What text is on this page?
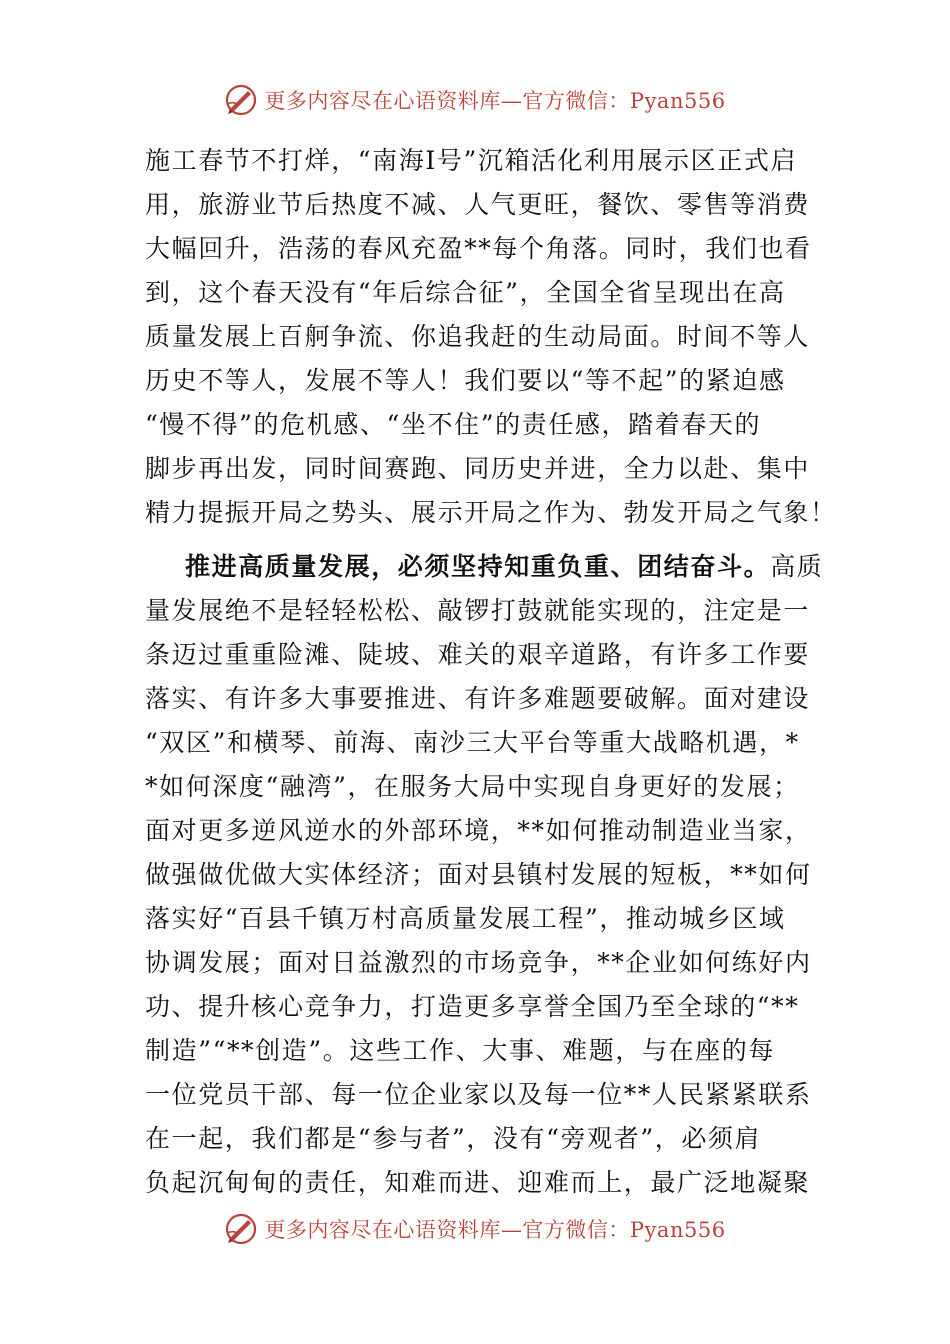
更多内容尽在心语资料库—官方微信：Pyan556

施工春节不打烊，“南海Ⅰ号”沉箱活化利用展示区正式启
用，旅游业节后热度不减、人气更旺，餐饮、零售等消费
大幅回升，浩荡的春风充盈**每个角落。同时，我们也看
到，这个春天没有“年后综合征”，全国全省呈现出在高
质量发展上百舸争流、你追我赶的生动局面。时间不等人
历史不等人，发展不等人！我们要以“等不起”的紧迫感
“慢不得”的危机感、“坐不住”的责任感，踏着春天的
脚步再出发，同时间赛跑、同历史并进，全力以赴、集中
精力提振开局之势头、展示开局之作为、勃发开局之气象！

推进高质量发展，必须坚持知重负重、团结奋斗。高质
量发展绝不是轻轻松松、敲锣打鼓就能实现的，注定是一
条迈过重重险滩、陡坡、难关的艰辛道路，有许多工作要
落实、有许多大事要推进、有许多难题要破解。面对建设
“双区”和横琴、前海、南沙三大平台等重大战略机遇，*
*如何深度“融湾”，在服务大局中实现自身更好的发展；
面对更多逆风逆水的外部环境，**如何推动制造业当家，
做强做优做大实体经济；面对县镇村发展的短板，**如何
落实好“百县千镇万村高质量发展工程”，推动城乡区域
协调发展；面对日益激烈的市场竞争，**企业如何练好内
功、提升核心竞争力，打造更多享誉全国乃至全球的“**
制造”“**创造”。这些工作、大事、难题，与在座的每
一位党员干部、每一位企业家以及每一位**人民紧紧联系
在一起，我们都是“参与者”，没有“旁观者”，必须肩
负起沉甸甸的责任，知难而进、迎难而上，最广泛地凝聚

更多内容尽在心语资料库—官方微信：Pyan556
